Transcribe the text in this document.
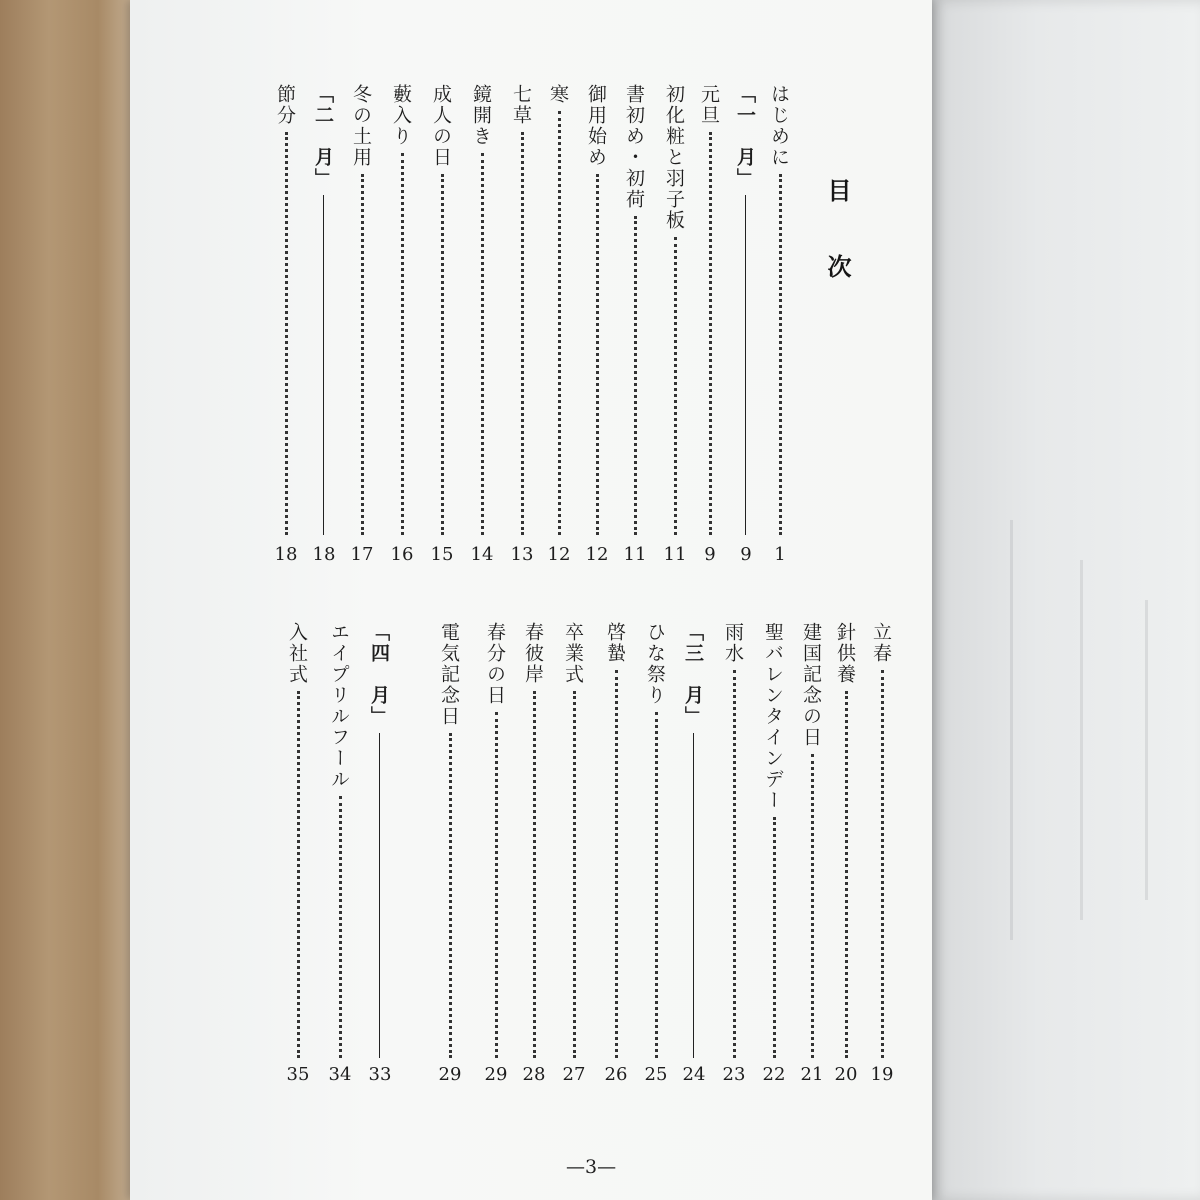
目次
はじめに
1
「一　月」
9
元旦
9
初化粧と羽子板
11
書初め・初荷
11
御用始め
12
寒
12
七草
13
鏡開き
14
成人の日
15
藪入り
16
冬の土用
17
「二　月」
18
節分
18
立春
19
針供養
20
建国記念の日
21
聖バレンタインデー
22
雨水
23
「三　月」
24
ひな祭り
25
啓蟄
26
卒業式
27
春彼岸
28
春分の日
29
電気記念日
29
「四　月」
33
エイプリルフール
34
入社式
35
—3—
